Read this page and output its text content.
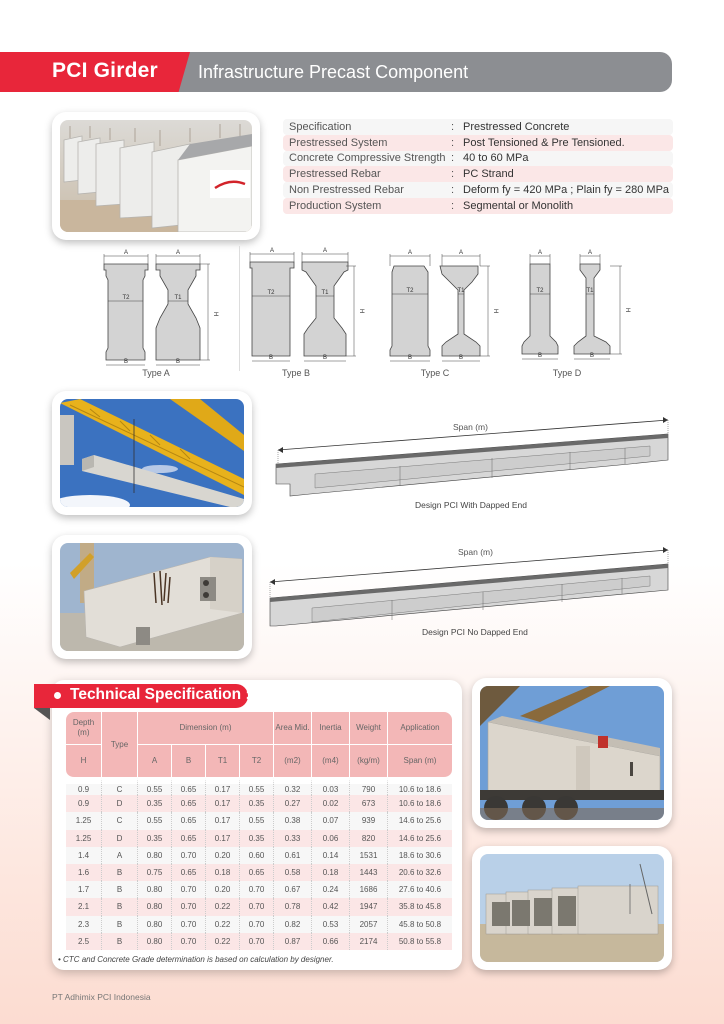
PCI Girder Infrastructure Precast Component
Specification	: Prestressed Concrete
Prestressed System	: Post Tensioned & Pre Tensioned.
Concrete Compressive Strength : 40 to 60 MPa
Prestressed Rebar	: PC Strand
Non Prestressed Rebar	: Deform fy = 420 MPa ; Plain fy = 280 MPa
Production System	: Segmental or Monolith
A	A
T2	T1
B	B
H
Type A
A	A
T2	T1
B	B
H
Type B
A	A
T2	T1
B	B
H
Type C
A	A
T2	T1
B	B
H
Type D
Span (m)
Design PCI With Dapped End
Span (m)
Design PCI No Dapped End
Technical Specification :
Depth (m)	Type	Dimension (m)				Area Mid.	Inertia	Weight	Application
H		A	B	T1	T2	(m2)	(m4)	(kg/m)	Span (m)
0.9	C	0.55	0.65	0.17	0.55	0.32	0.03	790	10.6 to 18.6
0.9	D	0.35	0.65	0.17	0.35	0.27	0.02	673	10.6 to 18.6
1.25	C	0.55	0.65	0.17	0.55	0.38	0.07	939	14.6 to 25.6
1.25	D	0.35	0.65	0.17	0.35	0.33	0.06	820	14.6 to 25.6
1.4	A	0.80	0.70	0.20	0.60	0.61	0.14	1531	18.6 to 30.6
1.6	B	0.75	0.65	0.18	0.65	0.58	0.18	1443	20.6 to 32.6
1.7	B	0.80	0.70	0.20	0.70	0.67	0.24	1686	27.6 to 40.6
2.1	B	0.80	0.70	0.22	0.70	0.78	0.42	1947	35.8 to 45.8
2.3	B	0.80	0.70	0.22	0.70	0.82	0.53	2057	45.8 to 50.8
2.5	B	0.80	0.70	0.22	0.70	0.87	0.66	2174	50.8 to 55.8
• CTC and Concrete Grade determination is based on calculation by designer.
PT Adhimix PCI Indonesia
